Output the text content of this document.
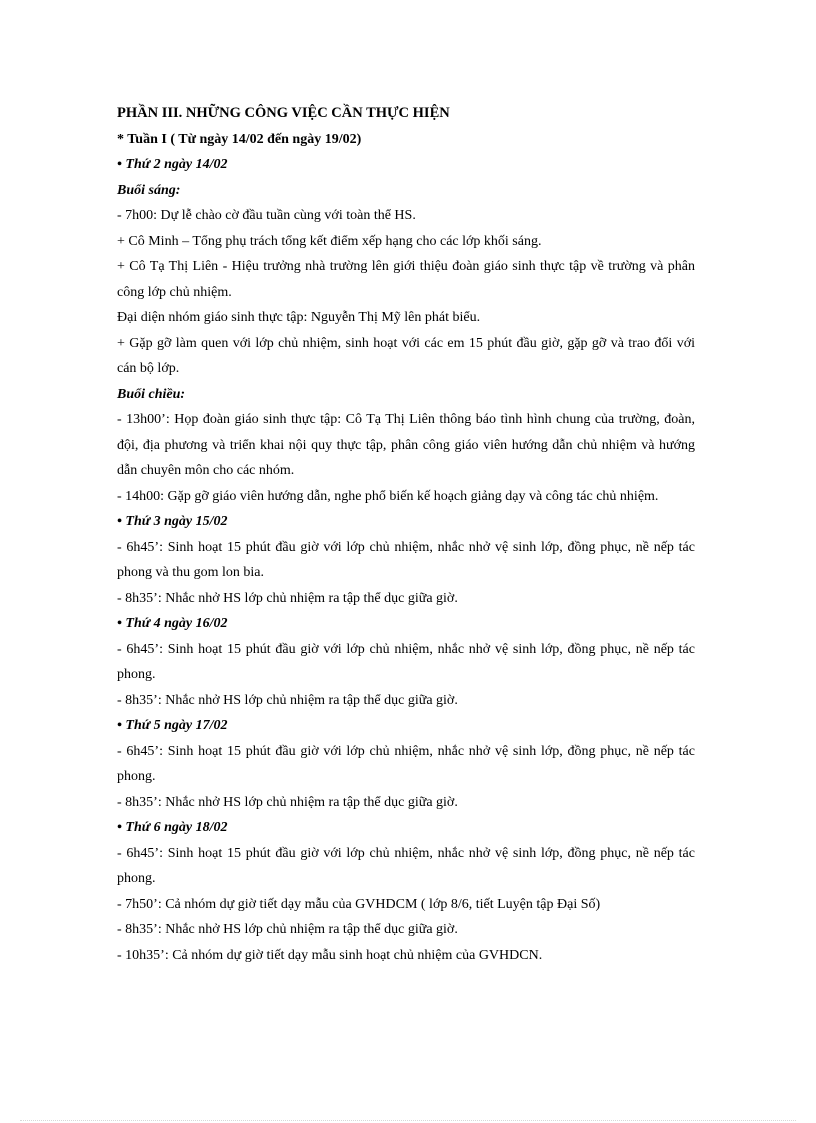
PHẦN III. NHỮNG CÔNG VIỆC CẦN THỰC HIỆN
* Tuần I ( Từ ngày 14/02 đến ngày 19/02)
• Thứ 2 ngày 14/02
Buổi sáng:
- 7h00: Dự lễ chào cờ đầu tuần cùng với toàn thể HS.
+ Cô Minh – Tổng phụ trách tổng kết điểm xếp hạng cho các lớp khối sáng.
+ Cô Tạ Thị Liên - Hiệu trưởng nhà trường lên giới thiệu đoàn giáo sinh thực tập về trường và phân công lớp chủ nhiệm.
Đại diện nhóm giáo sinh thực tập: Nguyễn Thị Mỹ lên phát biểu.
+ Gặp gỡ làm quen với lớp chủ nhiệm, sinh hoạt với các em 15 phút đầu giờ, gặp gỡ và trao đổi với cán bộ lớp.
Buổi chiều:
- 13h00’: Họp đoàn giáo sinh thực tập: Cô Tạ Thị Liên thông báo tình hình chung của trường, đoàn, đội, địa phương và triển khai nội quy thực tập, phân công giáo viên hướng dẫn chủ nhiệm và hướng dẫn chuyên môn cho các nhóm.
- 14h00: Gặp gỡ giáo viên hướng dẫn, nghe phổ biến kế hoạch giảng dạy và công tác chủ nhiệm.
• Thứ 3 ngày 15/02
- 6h45’: Sinh hoạt 15 phút đầu giờ với lớp chủ nhiệm, nhắc nhở vệ sinh lớp, đồng phục, nề nếp tác phong và thu gom lon bia.
- 8h35’: Nhắc nhở HS lớp chủ nhiệm ra tập thể dục giữa giờ.
• Thứ 4 ngày 16/02
- 6h45’: Sinh hoạt 15 phút đầu giờ với lớp chủ nhiệm, nhắc nhở vệ sinh lớp, đồng phục, nề nếp tác phong.
- 8h35’: Nhắc nhở HS lớp chủ nhiệm ra tập thể dục giữa giờ.
• Thứ 5 ngày 17/02
- 6h45’: Sinh hoạt 15 phút đầu giờ với lớp chủ nhiệm, nhắc nhở vệ sinh lớp, đồng phục, nề nếp tác phong.
- 8h35’: Nhắc nhở HS lớp chủ nhiệm ra tập thể dục giữa giờ.
• Thứ 6 ngày 18/02
- 6h45’: Sinh hoạt 15 phút đầu giờ với lớp chủ nhiệm, nhắc nhở vệ sinh lớp, đồng phục, nề nếp tác phong.
- 7h50’: Cả nhóm dự giờ tiết dạy mẫu của GVHDCM ( lớp 8/6, tiết Luyện tập Đại Số)
- 8h35’: Nhắc nhở HS lớp chủ nhiệm ra tập thể dục giữa giờ.
- 10h35’: Cả nhóm dự giờ tiết dạy mẫu sinh hoạt chủ nhiệm của GVHDCN.
